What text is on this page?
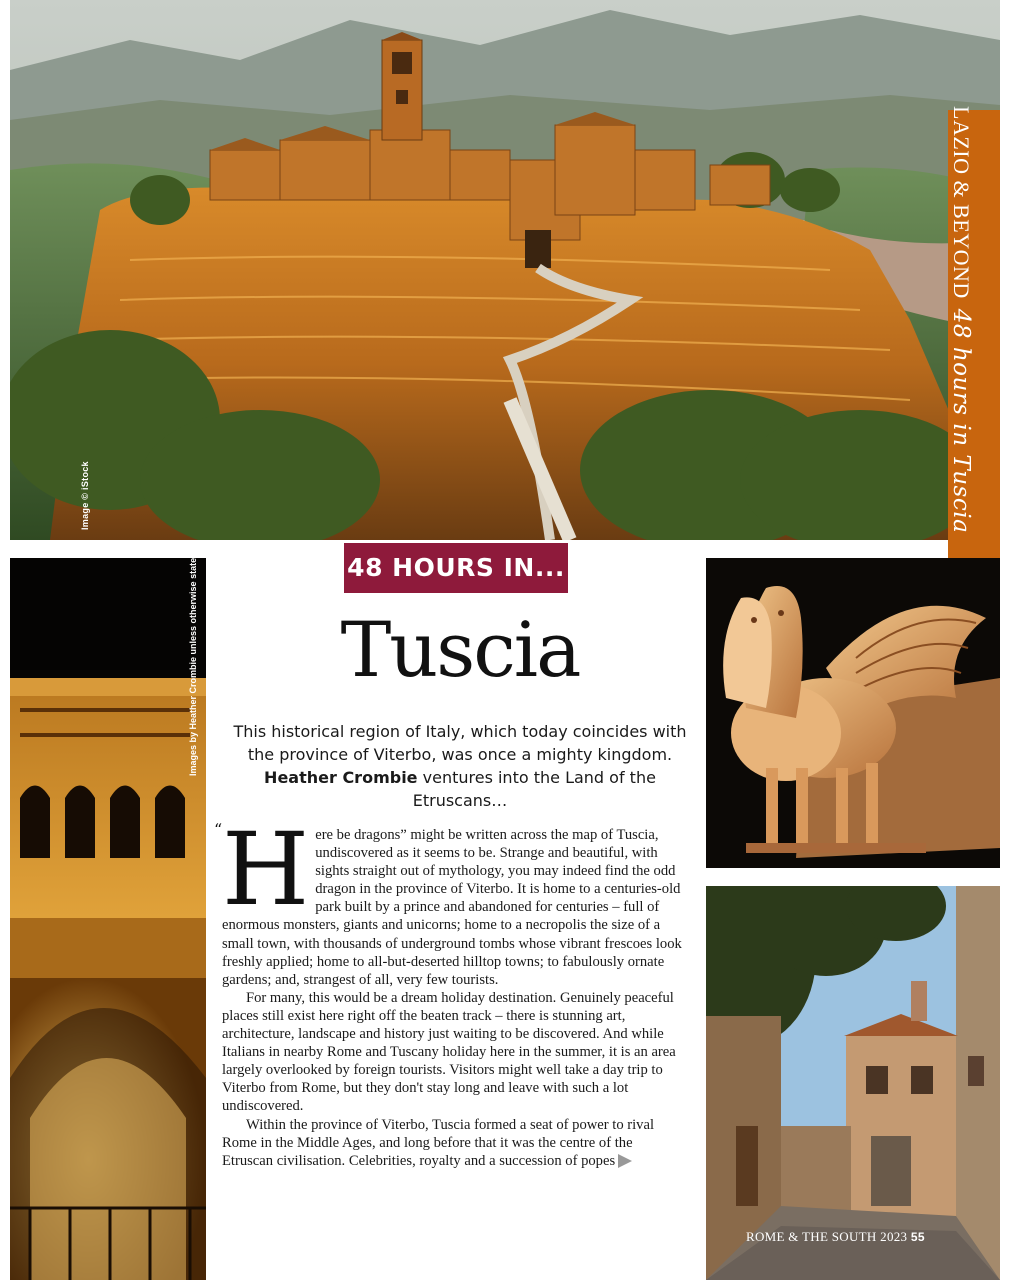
Image © iStock
LAZIO & BEYOND 48 hours in Tuscia
Images by Heather Crombie unless otherwise stated	48 HOURS IN...
Tuscia
This historical region of Italy, which today coincides with the province of Viterbo, was once a mighty kingdom. Heather Crombie ventures into the Land of the Etruscans…

“ H ere be dragons” might be written across the map of Tuscia, undiscovered as it seems to be. Strange and beautiful, with sights straight out of mythology, you may indeed find the odd dragon in the province of Viterbo. It is home to a centuries-old park built by a prince and abandoned for centuries – full of enormous monsters, giants and unicorns; home to a necropolis the size of a small town, with thousands of underground tombs whose vibrant frescoes look freshly applied; home to all-but-deserted hilltop towns; to fabulously ornate gardens; and, strangest of all, very few tourists.

For many, this would be a dream holiday destination. Genuinely peaceful places still exist here right off the beaten track – there is stunning art, architecture, landscape and history just waiting to be discovered. And while Italians in nearby Rome and Tuscany holiday here in the summer, it is an area largely overlooked by foreign tourists. Visitors might well take a day trip to Viterbo from Rome, but they don't stay long and leave with such a lot undiscovered.

Within the province of Viterbo, Tuscia formed a seat of power to rival Rome in the Middle Ages, and long before that it was the centre of the Etruscan civilisation. Celebrities, royalty and a succession of popes

ROME & THE SOUTH 2023 55
